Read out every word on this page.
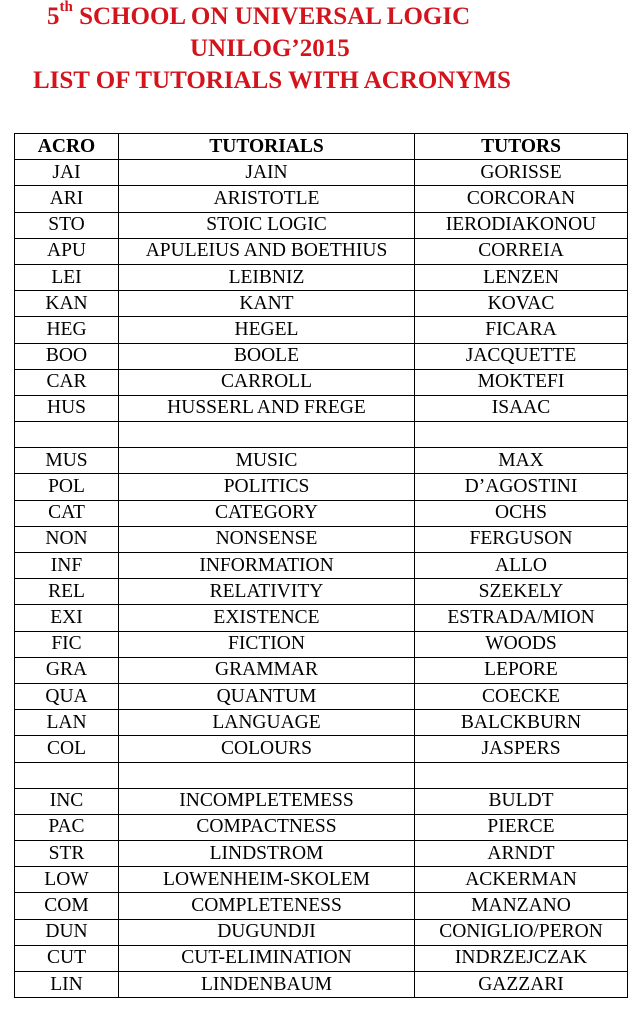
5th SCHOOL ON UNIVERSAL LOGIC
UNILOG’2015
LIST OF TUTORIALS WITH ACRONYMS
ACRO	TUTORIALS	TUTORS
JAI	JAIN	GORISSE
ARI	ARISTOTLE	CORCORAN
STO	STOIC LOGIC	IERODIAKONOU
APU	APULEIUS AND BOETHIUS	CORREIA
LEI	LEIBNIZ	LENZEN
KAN	KANT	KOVAC
HEG	HEGEL	FICARA
BOO	BOOLE	JACQUETTE
CAR	CARROLL	MOKTEFI
HUS	HUSSERL AND FREGE	ISAAC

MUS	MUSIC	MAX
POL	POLITICS	D’AGOSTINI
CAT	CATEGORY	OCHS
NON	NONSENSE	FERGUSON
INF	INFORMATION	ALLO
REL	RELATIVITY	SZEKELY
EXI	EXISTENCE	ESTRADA/MION
FIC	FICTION	WOODS
GRA	GRAMMAR	LEPORE
QUA	QUANTUM	COECKE
LAN	LANGUAGE	BALCKBURN
COL	COLOURS	JASPERS

INC	INCOMPLETEMESS	BULDT
PAC	COMPACTNESS	PIERCE
STR	LINDSTROM	ARNDT
LOW	LOWENHEIM-SKOLEM	ACKERMAN
COM	COMPLETENESS	MANZANO
DUN	DUGUNDJI	CONIGLIO/PERON
CUT	CUT-ELIMINATION	INDRZEJCZAK
LIN	LINDENBAUM	GAZZARI
